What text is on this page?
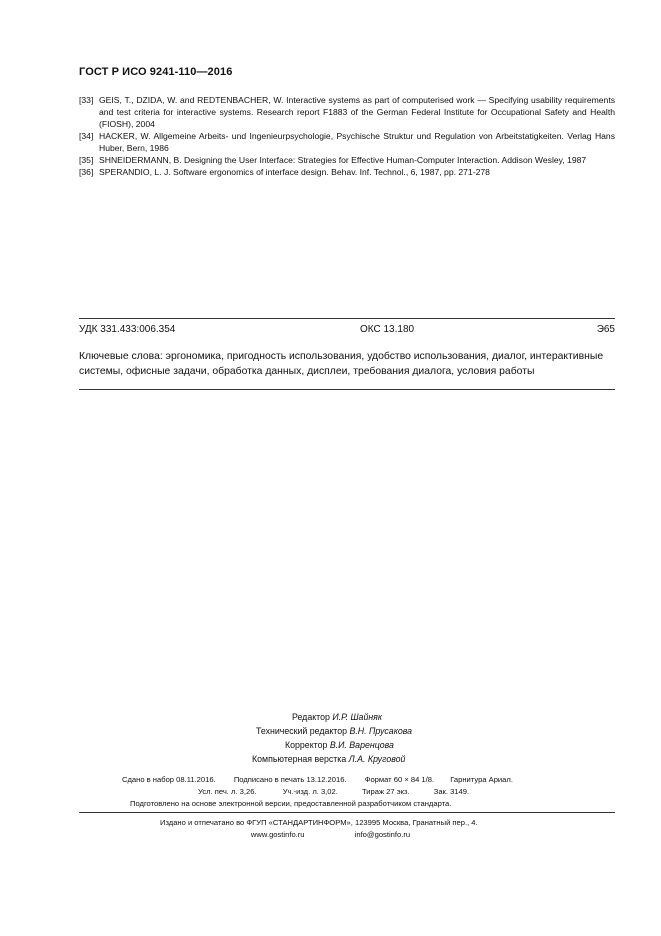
ГОСТ Р ИСО 9241-110—2016
[33] GEIS, T., DZIDA, W. and REDTENBACHER, W. Interactive systems as part of computerised work — Specifying usability requirements and test criteria for interactive systems. Research report F1883 of the German Federal Institute for Occupational Safety and Health (FIOSH), 2004
[34] HACKER, W. Allgemeine Arbeits- und Ingenieurpsychologie, Psychische Struktur und Regulation von Arbeitstatigkeiten. Verlag Hans Huber, Bern, 1986
[35] SHNEIDERMANN, B. Designing the User Interface: Strategies for Effective Human-Computer Interaction. Addison Wesley, 1987
[36] SPERANDIO, L. J. Software ergonomics of interface design. Behav. Inf. Technol., 6, 1987, pp. 271-278
УДК 331.433:006.354	ОКС 13.180	Э65
Ключевые слова: эргономика, пригодность использования, удобство использования, диалог, интерактивные системы, офисные задачи, обработка данных, дисплеи, требования диалога, условия работы
Редактор И.Р. Шайняк
Технический редактор В.Н. Прусакова
Корректор В.И. Варенцова
Компьютерная верстка Л.А. Круговой
Сдано в набор 08.11.2016. Подписано в печать 13.12.2016. Формат 60 × 84 1/8. Гарнитура Ариал.
Усл. печ. л. 3,26.	Уч.-изд. л. 3,02.	Тираж 27 экз.	Зак. 3149.
Подготовлено на основе электронной версии, предоставленной разработчиком стандарта.
Издано и отпечатано во ФГУП «СТАНДАРТИНФОРМ», 123995 Москва, Гранатный пер., 4.
www.gostinfo.ru	info@gostinfo.ru
